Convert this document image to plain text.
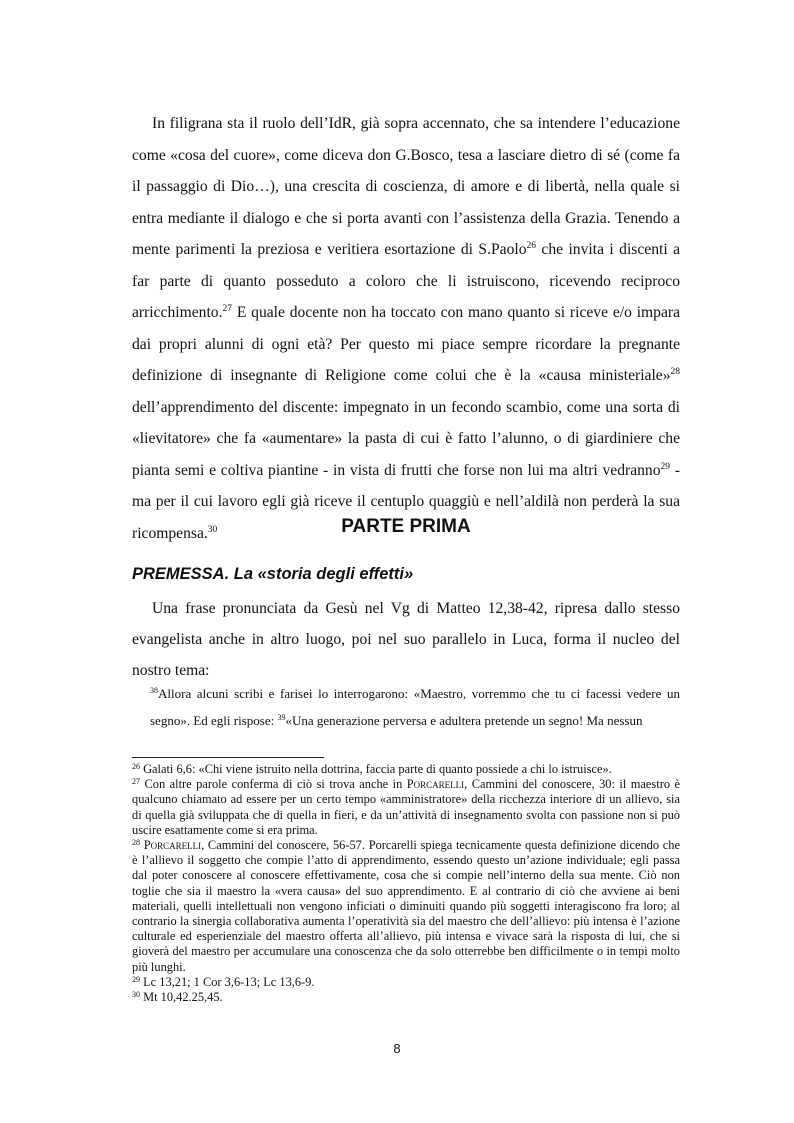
In filigrana sta il ruolo dell’IdR, già sopra accennato, che sa intendere l’educazione come «cosa del cuore», come diceva don G.Bosco, tesa a lasciare dietro di sé (come fa il passaggio di Dio…), una crescita di coscienza, di amore e di libertà, nella quale si entra mediante il dialogo e che si porta avanti con l’assistenza della Grazia. Tenendo a mente parimenti la preziosa e veritiera esortazione di S.Paolo$^{26}$ che invita i discenti a far parte di quanto posseduto a coloro che li istruiscono, ricevendo reciproco arricchimento.$^{27}$ E quale docente non ha toccato con mano quanto si riceve e/o impara dai propri alunni di ogni età? Per questo mi piace sempre ricordare la pregnante definizione di insegnante di Religione come colui che è la «causa ministeriale»$^{28}$ dell’apprendimento del discente: impegnato in un fecondo scambio, come una sorta di «lievitatore» che fa «aumentare» la pasta di cui è fatto l’alunno, o di giardiniere che pianta semi e coltiva piantine - in vista di frutti che forse non lui ma altri vedranno$^{29}$ - ma per il cui lavoro egli già riceve il centuplo quaggiù e nell’aldilà non perderà la sua ricompensa.$^{30}$	PARTE PRIMA
PREMESSA. La «storia degli effetti»

Una frase pronunciata da Gesù nel Vg di Matteo 12,38-42, ripresa dallo stesso evangelista anche in altro luogo, poi nel suo parallelo in Luca, forma il nucleo del nostro tema:

$^{38}$Allora alcuni scribi e farisei lo interrogarono: «Maestro, vorremmo che tu ci facessi vedere un segno». Ed egli rispose: $^{39}$«Una generazione perversa e adultera pretende un segno! Ma nessun

$^{26}$ Galati 6,6: «Chi viene istruito nella dottrina, faccia parte di quanto possiede a chi lo istruisce».

$^{27}$ Con altre parole conferma di ciò si trova anche in Porcarelli, Cammini del conoscere, 30: il maestro è qualcuno chiamato ad essere per un certo tempo «amministratore» della ricchezza interiore di un allievo, sia di quella già sviluppata che di quella in fieri, e da un’attività di insegnamento svolta con passione non si può uscire esattamente come si era prima.

$^{28}$ Porcarelli, Cammini del conoscere, 56-57. Porcarelli spiega tecnicamente questa definizione dicendo che è l’allievo il soggetto che compie l’atto di apprendimento, essendo questo un’azione individuale; egli passa dal poter conoscere al conoscere effettivamente, cosa che si compie nell’interno della sua mente. Ciò non toglie che sia il maestro la «vera causa» del suo apprendimento. E al contrario di ciò che avviene ai beni materiali, quelli intellettuali non vengono inficiati o diminuiti quando più soggetti interagiscono fra loro; al contrario la sinergia collaborativa aumenta l’operatività sia del maestro che dell’allievo: più intensa è l’azione culturale ed esperienziale del maestro offerta all’allievo, più intensa e vivace sarà la risposta di lui, che si gioverà del maestro per accumulare una conoscenza che da solo otterrebbe ben difficilmente o in tempi molto più lunghi.

$^{29}$ Lc 13,21; 1 Cor 3,6-13; Lc 13,6-9.

$^{30}$ Mt 10,42.25,45.

8
